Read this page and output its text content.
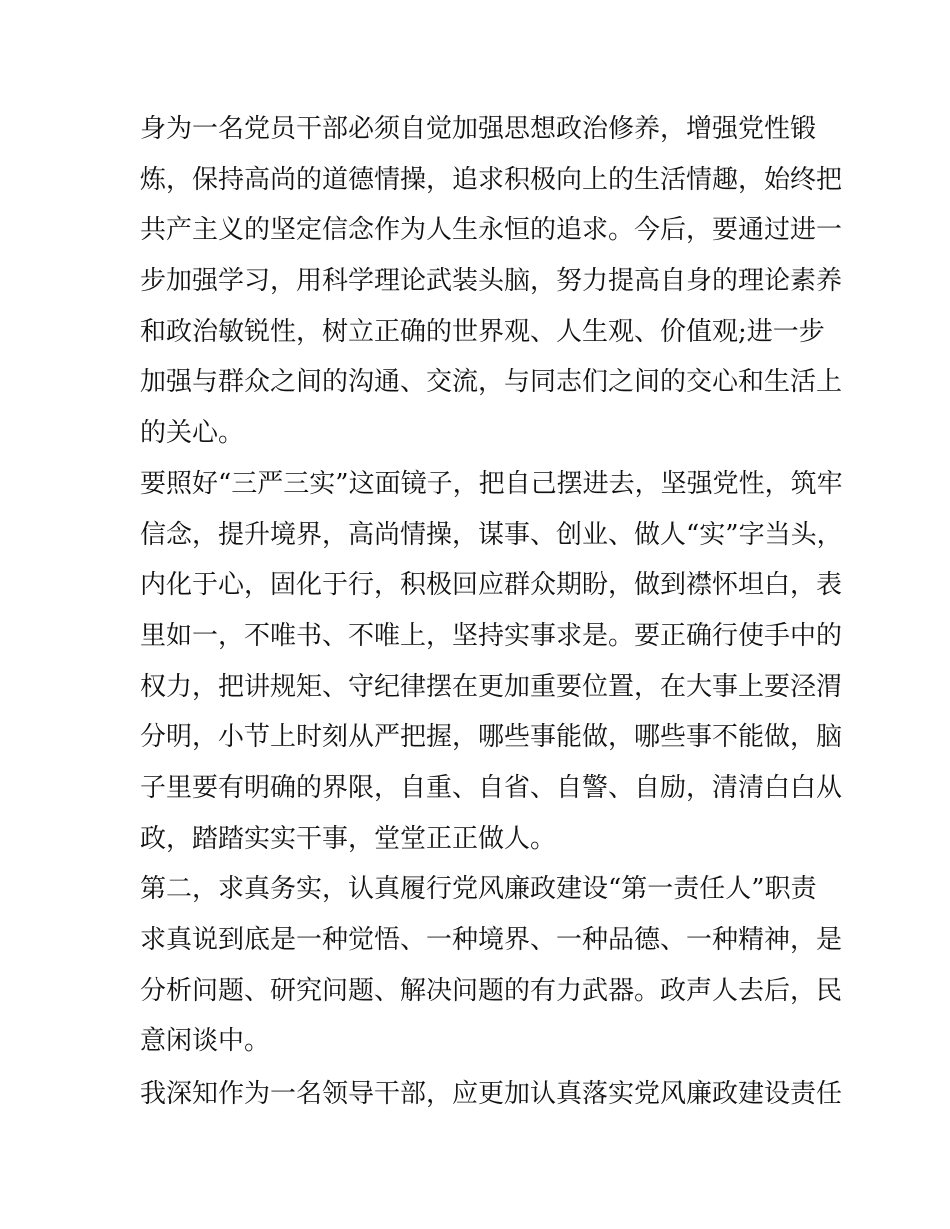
身为一名党员干部必须自觉加强思想政治修养，增强党性锻
炼，保持高尚的道德情操，追求积极向上的生活情趣，始终把
共产主义的坚定信念作为人生永恒的追求。今后，要通过进一
步加强学习，用科学理论武装头脑，努力提高自身的理论素养
和政治敏锐性，树立正确的世界观、人生观、价值观;进一步
加强与群众之间的沟通、交流，与同志们之间的交心和生活上
的关心。
要照好“三严三实”这面镜子，把自己摆进去，坚强党性，筑牢
信念，提升境界，高尚情操，谋事、创业、做人“实”字当头，
内化于心，固化于行，积极回应群众期盼，做到襟怀坦白，表
里如一，不唯书、不唯上，坚持实事求是。要正确行使手中的
权力，把讲规矩、守纪律摆在更加重要位置，在大事上要泾渭
分明，小节上时刻从严把握，哪些事能做，哪些事不能做，脑
子里要有明确的界限，自重、自省、自警、自励，清清白白从
政，踏踏实实干事，堂堂正正做人。
第二，求真务实，认真履行党风廉政建设“第一责任人”职责
求真说到底是一种觉悟、一种境界、一种品德、一种精神，是
分析问题、研究问题、解决问题的有力武器。政声人去后，民
意闲谈中。
我深知作为一名领导干部，应更加认真落实党风廉政建设责任
